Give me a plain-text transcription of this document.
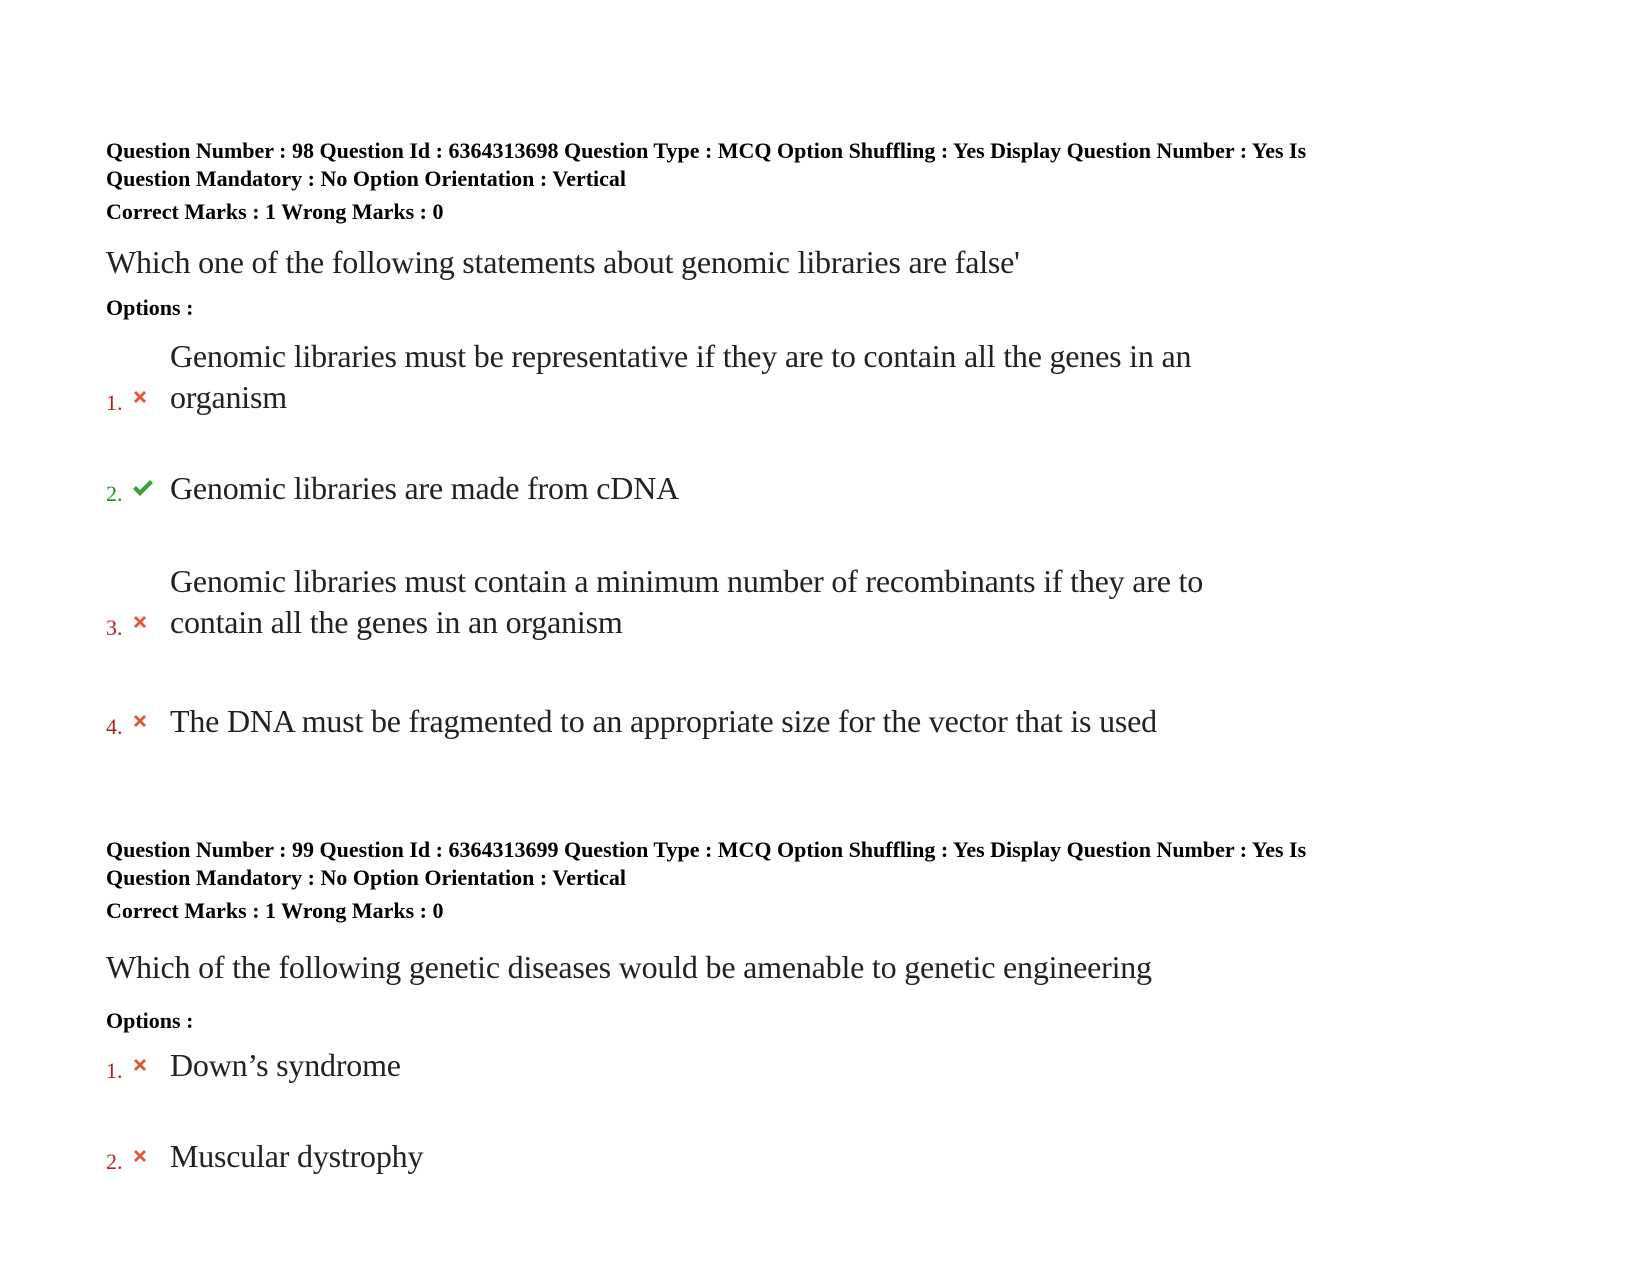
Question Number : 98 Question Id : 6364313698 Question Type : MCQ Option Shuffling : Yes Display Question Number : Yes Is
Question Mandatory : No Option Orientation : Vertical
Correct Marks : 1 Wrong Marks : 0
Which one of the following statements about genomic libraries are false'
Options :
1.
Genomic libraries must be representative if they are to contain all the genes in an organism
2. Genomic libraries are made from cDNA
3.
Genomic libraries must contain a minimum number of recombinants if they are to contain all the genes in an organism
4. The DNA must be fragmented to an appropriate size for the vector that is used
Question Number : 99 Question Id : 6364313699 Question Type : MCQ Option Shuffling : Yes Display Question Number : Yes Is
Question Mandatory : No Option Orientation : Vertical
Correct Marks : 1 Wrong Marks : 0
Which of the following genetic diseases would be amenable to genetic engineering
Options :
1. Down’s syndrome
2. Muscular dystrophy
